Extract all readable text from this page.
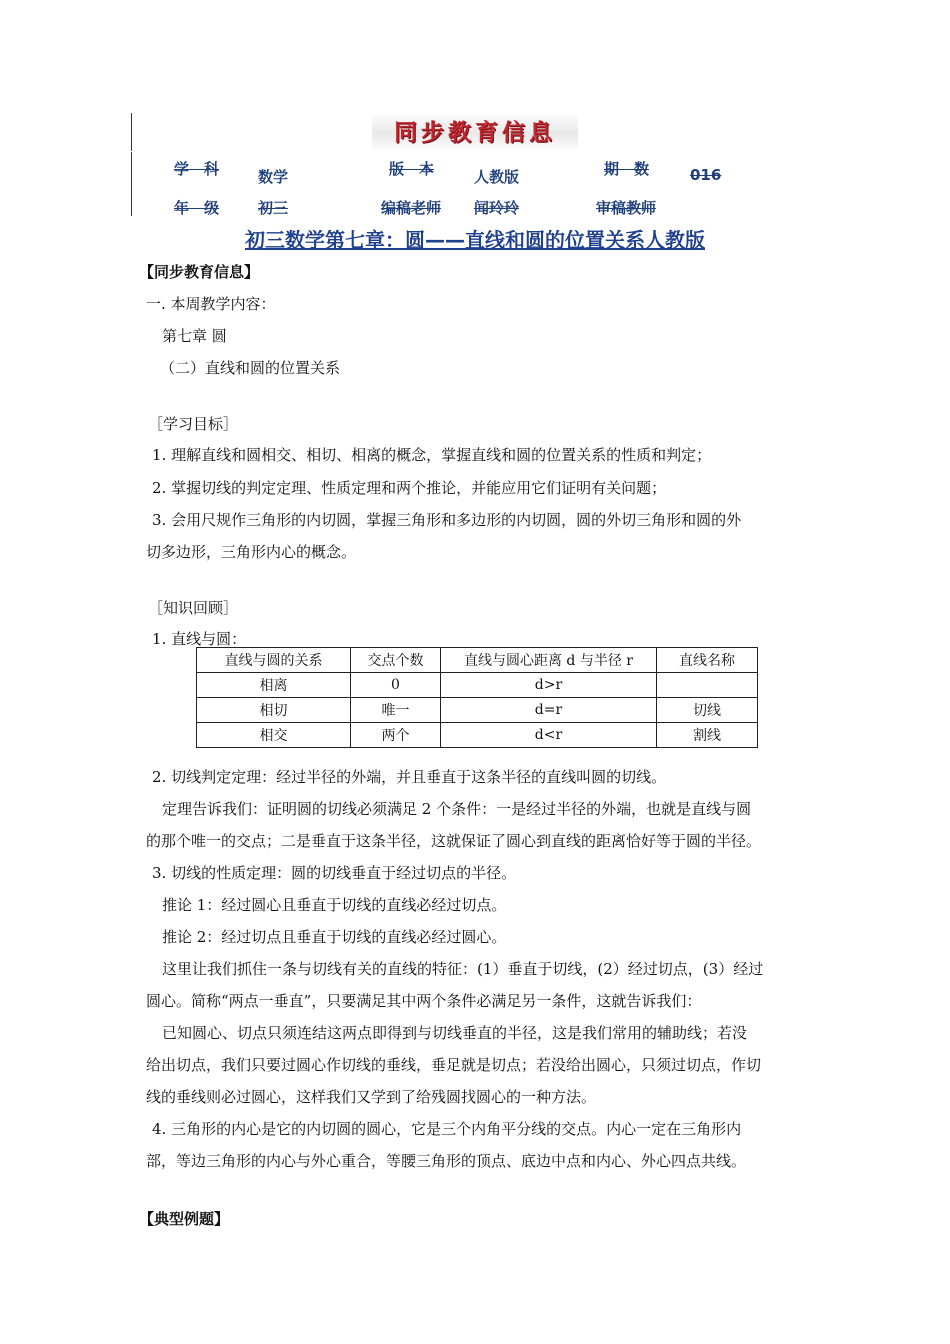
同步教育信息
学　科	数学	版　本	人教版	期　数	016
年　级	初三	编稿老师 闻玲玲	审稿教师
初三数学第七章：圆——直线和圆的位置关系人教版
【同步教育信息】
一. 本周教学内容：
第七章 圆
（二）直线和圆的位置关系
［学习目标］
1. 理解直线和圆相交、相切、相离的概念，掌握直线和圆的位置关系的性质和判定；
2. 掌握切线的判定定理、性质定理和两个推论，并能应用它们证明有关问题；
3. 会用尺规作三角形的内切圆，掌握三角形和多边形的内切圆，圆的外切三角形和圆的外
切多边形，三角形内心的概念。
［知识回顾］
1. 直线与圆：
直线与圆的关系	交点个数	直线与圆心距离 d 与半径 r	直线名称
相离	0	d>r	
相切	唯一	d=r	切线
相交	两个	d<r	割线
2. 切线判定定理：经过半径的外端，并且垂直于这条半径的直线叫圆的切线。
定理告诉我们：证明圆的切线必须满足 2 个条件：一是经过半径的外端，也就是直线与圆
的那个唯一的交点；二是垂直于这条半径，这就保证了圆心到直线的距离恰好等于圆的半径。
3. 切线的性质定理：圆的切线垂直于经过切点的半径。
推论 1：经过圆心且垂直于切线的直线必经过切点。
推论 2：经过切点且垂直于切线的直线必经过圆心。
这里让我们抓住一条与切线有关的直线的特征：(1）垂直于切线，(2）经过切点，(3）经过
圆心。简称“两点一垂直”，只要满足其中两个条件必满足另一条件，这就告诉我们：
已知圆心、切点只须连结这两点即得到与切线垂直的半径，这是我们常用的辅助线；若没
给出切点，我们只要过圆心作切线的垂线，垂足就是切点；若没给出圆心，只须过切点，作切
线的垂线则必过圆心，这样我们又学到了给残圆找圆心的一种方法。
4. 三角形的内心是它的内切圆的圆心，它是三个内角平分线的交点。内心一定在三角形内
部，等边三角形的内心与外心重合，等腰三角形的顶点、底边中点和内心、外心四点共线。
【典型例题】
